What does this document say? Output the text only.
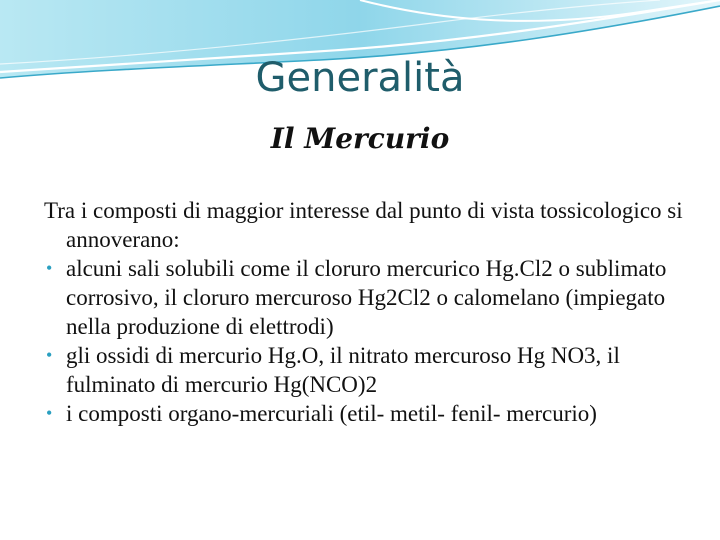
Generalità
Il Mercurio

Tra i composti di maggior interesse dal punto di vista tossicologico si annoverano:

• alcuni sali solubili come il cloruro mercurico Hg.Cl2 o sublimato corrosivo, il cloruro mercuroso Hg2Cl2 o calomelano (impiegato nella produzione di elettrodi)
• gli ossidi di mercurio Hg.O, il nitrato mercuroso Hg NO3, il fulminato di mercurio Hg(NCO)2
• i composti organo-mercuriali (etil- metil- fenil- mercurio)
